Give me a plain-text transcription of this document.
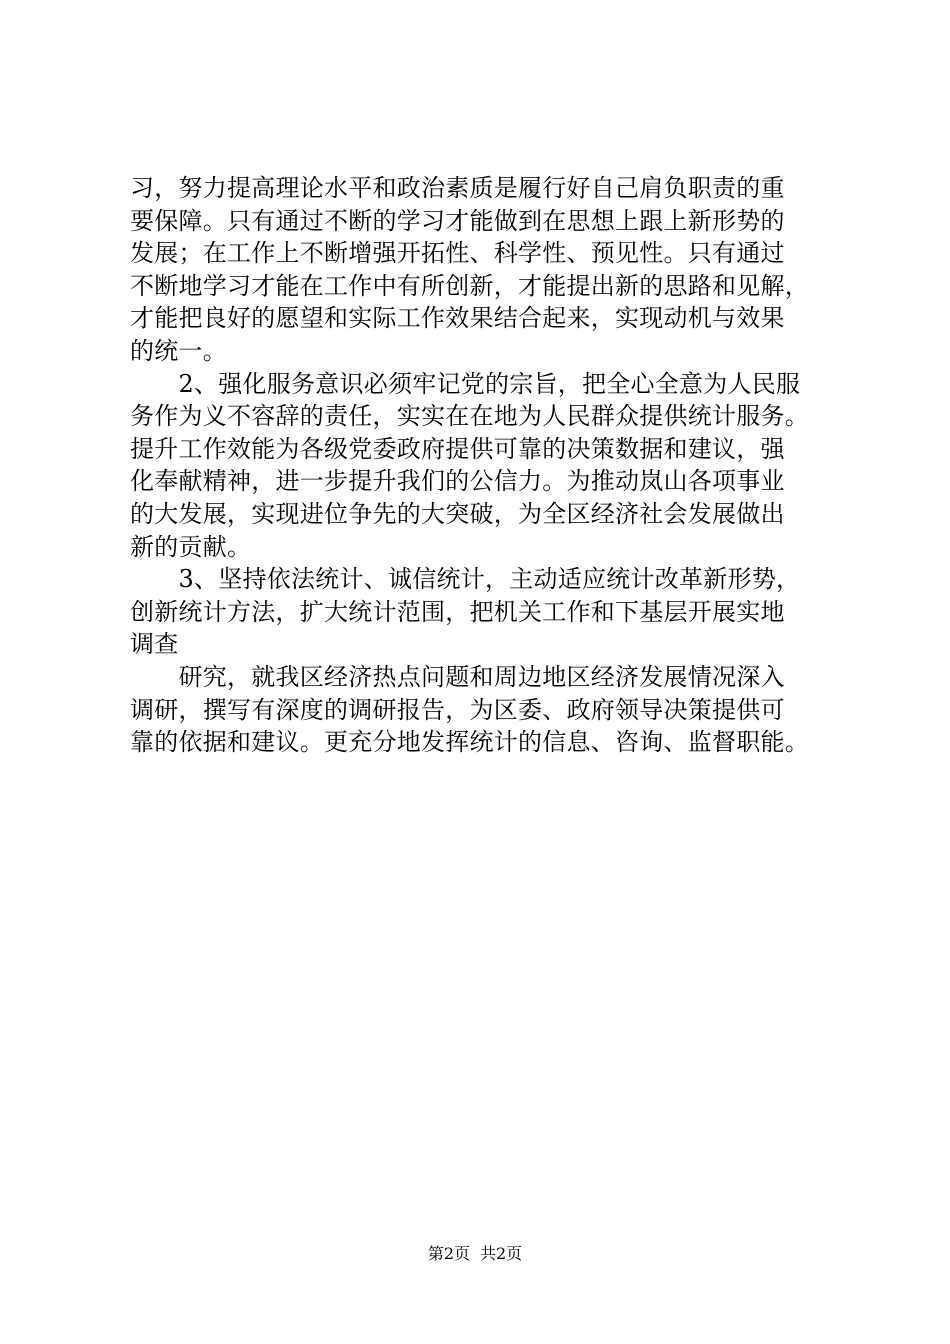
习，努力提高理论水平和政治素质是履行好自己肩负职责的重
要保障。只有通过不断的学习才能做到在思想上跟上新形势的
发展；在工作上不断增强开拓性、科学性、预见性。只有通过
不断地学习才能在工作中有所创新，才能提出新的思路和见解，
才能把良好的愿望和实际工作效果结合起来，实现动机与效果
的统一。
　　2、强化服务意识必须牢记党的宗旨，把全心全意为人民服
务作为义不容辞的责任，实实在在地为人民群众提供统计服务。
提升工作效能为各级党委政府提供可靠的决策数据和建议，强
化奉献精神，进一步提升我们的公信力。为推动岚山各项事业
的大发展，实现进位争先的大突破，为全区经济社会发展做出
新的贡献。
　　3、坚持依法统计、诚信统计，主动适应统计改革新形势，
创新统计方法，扩大统计范围，把机关工作和下基层开展实地
调查
　　研究，就我区经济热点问题和周边地区经济发展情况深入
调研，撰写有深度的调研报告，为区委、政府领导决策提供可
靠的依据和建议。更充分地发挥统计的信息、咨询、监督职能。
第2页 共2页
